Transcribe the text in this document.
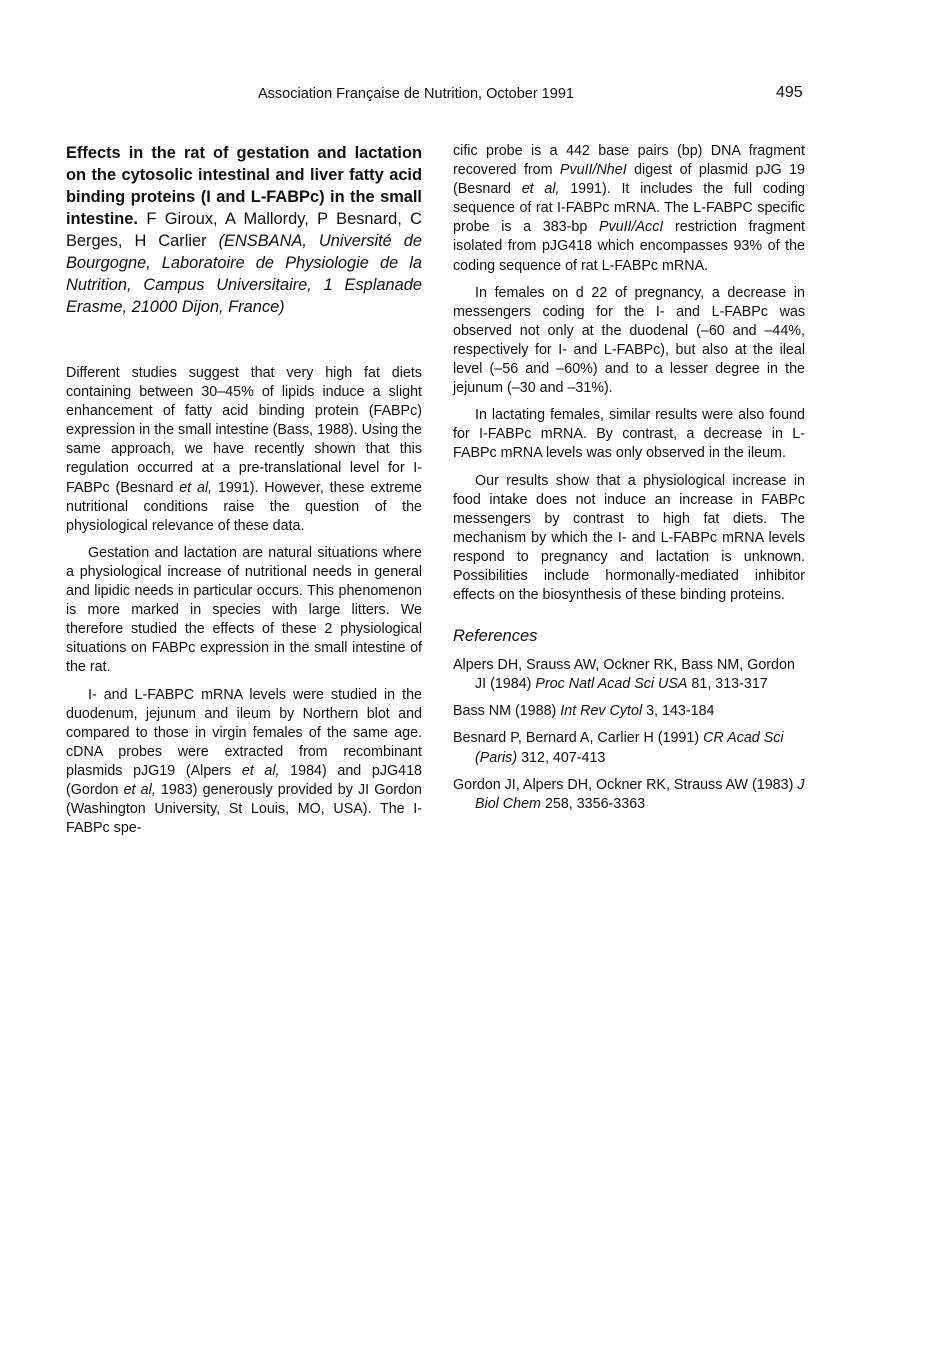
Association Française de Nutrition, October 1991	495
Effects in the rat of gestation and lactation on the cytosolic intestinal and liver fatty acid binding proteins (I and L-FABPc) in the small intestine. F Giroux, A Mallordy, P Besnard, C Berges, H Carlier (ENSBANA, Université de Bourgogne, Laboratoire de Physiologie de la Nutrition, Campus Universitaire, 1 Esplanade Erasme, 21000 Dijon, France)

Different studies suggest that very high fat diets containing between 30–45% of lipids induce a slight enhancement of fatty acid binding protein (FABPc) expression in the small intestine (Bass, 1988). Using the same approach, we have recently shown that this regulation occurred at a pre-translational level for I-FABPc (Besnard et al, 1991). However, these extreme nutritional conditions raise the question of the physiological relevance of these data.

Gestation and lactation are natural situations where a physiological increase of nutritional needs in general and lipidic needs in particular occurs. This phenomenon is more marked in species with large litters. We therefore studied the effects of these 2 physiological situations on FABPc expression in the small intestine of the rat.

I- and L-FABPC mRNA levels were studied in the duodenum, jejunum and ileum by Northern blot and compared to those in virgin females of the same age. cDNA probes were extracted from recombinant plasmids pJG19 (Alpers et al, 1984) and pJG418 (Gordon et al, 1983) generously provided by JI Gordon (Washington University, St Louis, MO, USA). The I-FABPc spe-

cific probe is a 442 base pairs (bp) DNA fragment recovered from PvuII/NheI digest of plasmid pJG 19 (Besnard et al, 1991). It includes the full coding sequence of rat I-FABPc mRNA. The L-FABPC specific probe is a 383-bp PvuII/AccI restriction fragment isolated from pJG418 which encompasses 93% of the coding sequence of rat L-FABPc mRNA.

In females on d 22 of pregnancy, a decrease in messengers coding for the I- and L-FABPc was observed not only at the duodenal (–60 and –44%, respectively for I- and L-FABPc), but also at the ileal level (–56 and –60%) and to a lesser degree in the jejunum (–30 and –31%).

In lactating females, similar results were also found for I-FABPc mRNA. By contrast, a decrease in L-FABPc mRNA levels was only observed in the ileum.

Our results show that a physiological increase in food intake does not induce an increase in FABPc messengers by contrast to high fat diets. The mechanism by which the I- and L-FABPc mRNA levels respond to pregnancy and lactation is unknown. Possibilities include hormonally-mediated inhibitor effects on the biosynthesis of these binding proteins.

References
Alpers DH, Srauss AW, Ockner RK, Bass NM, Gordon JI (1984) Proc Natl Acad Sci USA 81, 313-317
Bass NM (1988) Int Rev Cytol 3, 143-184
Besnard P, Bernard A, Carlier H (1991) CR Acad Sci (Paris) 312, 407-413
Gordon JI, Alpers DH, Ockner RK, Strauss AW (1983) J Biol Chem 258, 3356-3363
